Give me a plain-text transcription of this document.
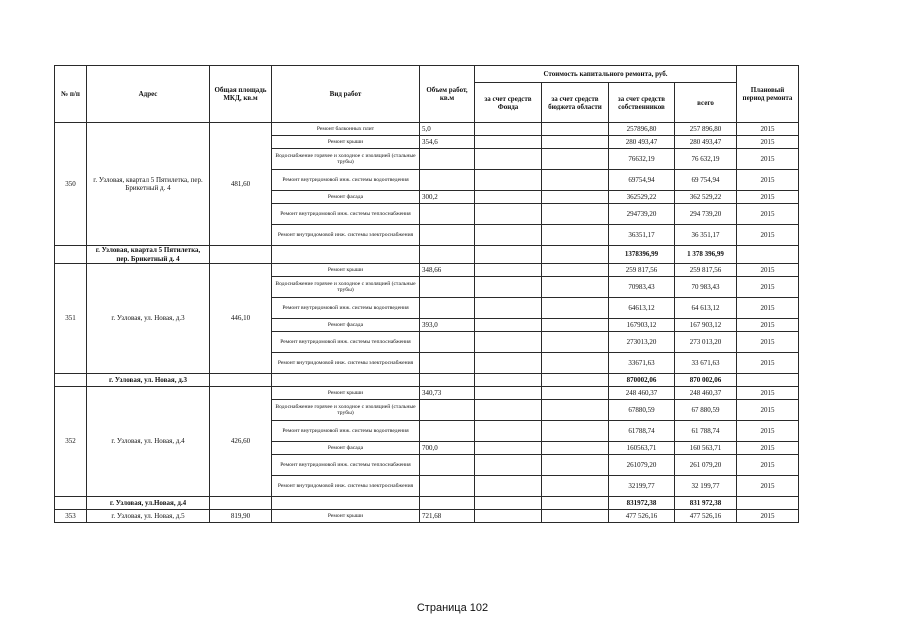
№ п/п	Адрес	Общая площадь МКД, кв.м	Вид работ	Объем работ, кв.м	Стоимость капитального ремонта, руб.				Плановый период ремонта
					за счет средств Фонда	за счет средств бюджета области	за счет средств собственников	всего	
350	г. Узловая, квартал 5 Пятилетка, пер. Брикетный д. 4	481,60	Ремонт балконных плит	5,0			257896,80	257 896,80	2015
			Ремонт крыши	354,6			280 493,47	280 493,47	2015
			Водоснабжение горячее и холодное с изоляцией (стальные трубы)				76632,19	76 632,19	2015
			Ремонт внутридомовой инж. системы водоотведения				69754,94	69 754,94	2015
			Ремонт фасада	300,2			362529,22	362 529,22	2015
			Ремонт внутридомовой инж. системы теплоснабжения				294739,20	294 739,20	2015
			Ремонт внутридомовой инж. системы электроснабжения				36351,17	36 351,17	2015
	г. Узловая, квартал 5 Пятилетка, пер. Брикетный д. 4						1378396,99	1 378 396,99	
351	г. Узловая, ул. Новая, д.3	446,10	Ремонт крыши	348,66			259 817,56	259 817,56	2015
			Водоснабжение горячее и холодное с изоляцией (стальные трубы)				70983,43	70 983,43	2015
			Ремонт внутридомовой инж. системы водоотведения				64613,12	64 613,12	2015
			Ремонт фасада	393,0			167903,12	167 903,12	2015
			Ремонт внутридомовой инж. системы теплоснабжения				273013,20	273 013,20	2015
			Ремонт внутридомовой инж. системы электроснабжения				33671,63	33 671,63	2015
	г. Узловая, ул. Новая, д.3						870002,06	870 002,06	
352	г. Узловая, ул. Новая, д.4	426,60	Ремонт крыши	340,73			248 460,37	248 460,37	2015
			Водоснабжение горячее и холодное с изоляцией (стальные трубы)				67880,59	67 880,59	2015
			Ремонт внутридомовой инж. системы водоотведения				61788,74	61 788,74	2015
			Ремонт фасада	700,0			160563,71	160 563,71	2015
			Ремонт внутридомовой инж. системы теплоснабжения				261079,20	261 079,20	2015
			Ремонт внутридомовой инж. системы электроснабжения				32199,77	32 199,77	2015
	г. Узловая, ул.Новая, д.4						831972,38	831 972,38	
353	г. Узловая, ул. Новая, д.5	819,90	Ремонт крыши	721,68			477 526,16	477 526,16	2015
Страница 102
